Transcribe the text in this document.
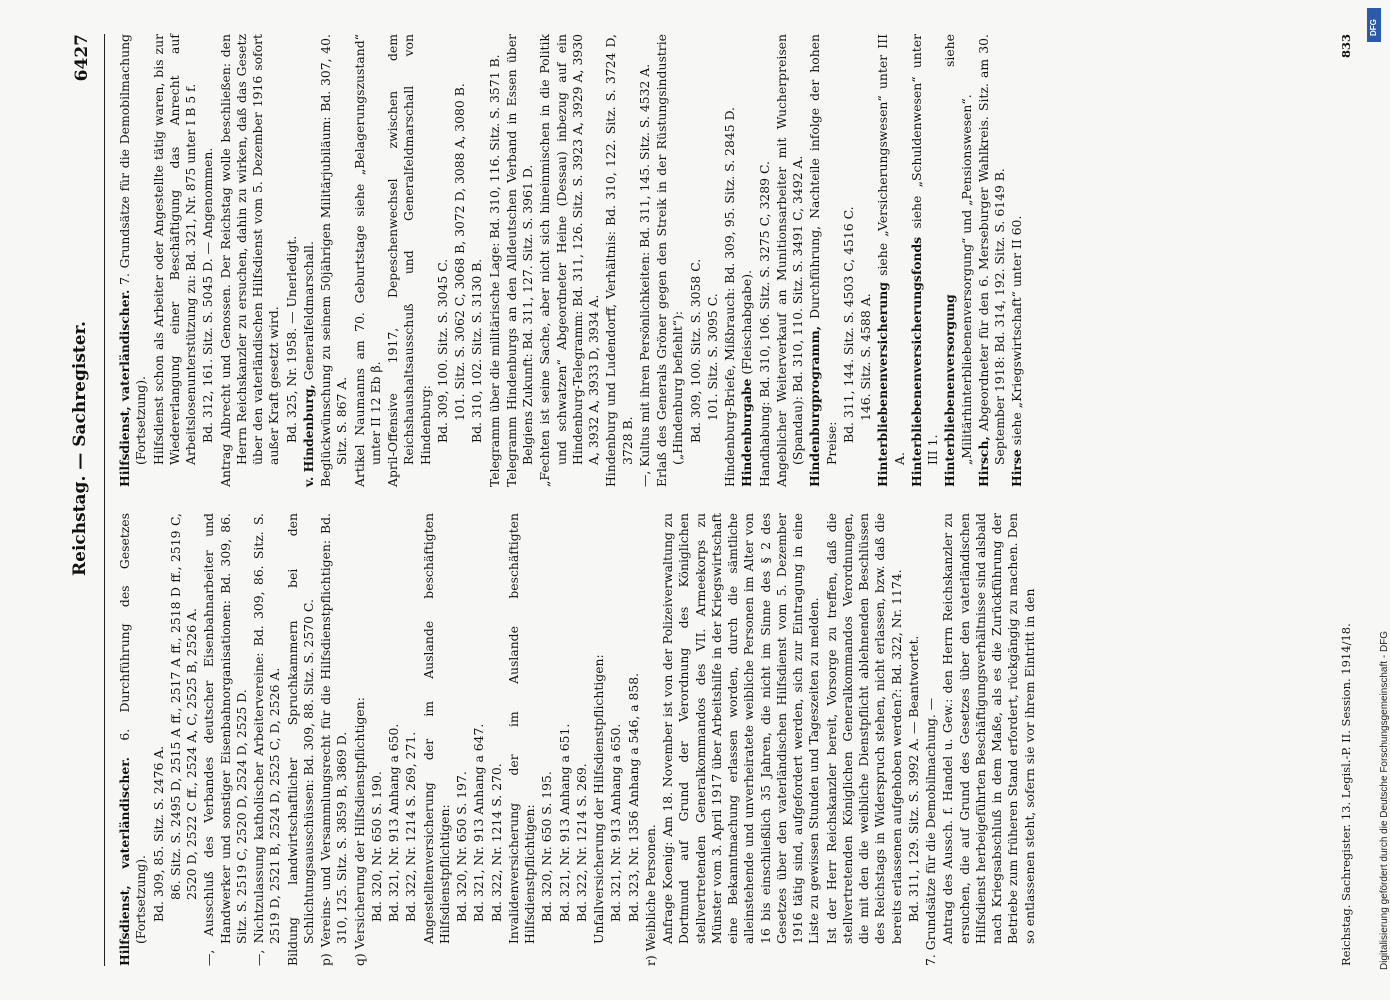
Digitalisierung gefördert durch die Deutsche Forschungsgemeinschaft - DFG
DFG
Reichstag. — Sachregister.
6427

Hilfsdienst, vaterländischer. 6. Durchführung des Gesetzes (Fortsetzung). Bd. 309, 85. Sitz. S. 2476 A. 86. Sitz. S. 2495 D, 2515 A ff., 2517 A ff., 2518 D ff., 2519 C, 2520 D, 2522 C ff., 2524 A, C, 2525 B, 2526 A. —, Ausschluß des Verbandes deutscher Eisenbahnarbeiter und Handwerker und sonstiger Eisenbahnorganisationen: Bd. 309, 86. Sitz. S. 2519 C, 2520 D, 2524 D, 2525 D. —, Nichtzulassung katholischer Arbeitervereine: Bd. 309, 86. Sitz. S. 2519 D, 2521 B, 2524 D, 2525 C, D, 2526 A. Bildung landwirtschaftlicher Spruchkammern bei den Schlichtungsausschüssen: Bd. 309, 88. Sitz. S. 2570 C. p) Vereins- und Versammlungsrecht für die Hilfsdienstpflichtigen: Bd. 310, 125. Sitz. S. 3859 B, 3869 D. q) Versicherung der Hilfsdienstpflichtigen: Bd. 320, Nr. 650 S. 190. Bd. 321, Nr. 913 Anhang a 650. Bd. 322, Nr. 1214 S. 269, 271. Angestelltenversicherung der im Auslande beschäftigten Hilfsdienstpflichtigen: Bd. 320, Nr. 650 S. 197. Bd. 321, Nr. 913 Anhang a 647. Bd. 322, Nr. 1214 S. 270. Invalidenversicherung der im Auslande beschäftigten Hilfsdienstpflichtigen: Bd. 320, Nr. 650 S. 195. Bd. 321, Nr. 913 Anhang a 651. Bd. 322, Nr. 1214 S. 269. Unfallversicherung der Hilfsdienstpflichtigen: Bd. 321, Nr. 913 Anhang a 650. Bd. 323, Nr. 1356 Anhang a 546, a 858. r) Weibliche Personen. Anfrage Koenig: Am 18. November ist von der Polizeiverwaltung zu Dortmund auf Grund der Verordnung des Königlichen stellvertretenden Generalkommandos des VII. Armeekorps zu Münster vom 3. April 1917 über Arbeitshilfe in der Kriegswirtschaft eine Bekanntmachung erlassen worden, durch die sämtliche alleinstehende und unverheiratete weibliche Personen im Alter von 16 bis einschließlich 35 Jahren, die nicht im Sinne des § 2 des Gesetzes über den vaterländischen Hilfsdienst vom 5. Dezember 1916 tätig sind, aufgefordert werden, sich zur Eintragung in eine Liste zu gewissen Stunden und Tageszeiten zu melden. Ist der Herr Reichskanzler bereit, Vorsorge zu treffen, daß die stellvertretenden Königlichen Generalkommandos Verordnungen, die mit den die weibliche Dienstpflicht ablehnenden Beschlüssen des Reichstags in Widerspruch stehen, nicht erlassen, bzw. daß die bereits erlassenen aufgehoben werden?: Bd. 322, Nr. 1174. Bd. 311, 129. Sitz. S. 3992 A. — Beantwortet. 7. Grundsätze für die Demobilmachung. — Antrag des Aussch. f. Handel u. Gew.: den Herrn Reichskanzler zu ersuchen, die auf Grund des Gesetzes über den vaterländischen Hilfsdienst herbeigeführten Beschäftigungsverhältnisse sind alsbald nach Kriegsabschluß in dem Maße, als es die Zurückführung der Betriebe zum früheren Stand erfordert, rückgängig zu machen. Den so entlassenen steht, sofern sie vor ihrem Eintritt in den

Hilfsdienst, vaterländischer. 7. Grundsätze für die Demobilmachung (Fortsetzung). Hilfsdienst schon als Arbeiter oder Angestellte tätig waren, bis zur Wiedererlangung einer Beschäftigung das Anrecht auf Arbeitslosenunterstützung zu: Bd. 321, Nr. 875 unter I B 5 f. Bd. 312, 161. Sitz. S. 5045 D. — Angenommen. Antrag Albrecht und Genossen. Der Reichstag wolle beschließen: den Herrn Reichskanzler zu ersuchen, dahin zu wirken, daß das Gesetz über den vaterländischen Hilfsdienst vom 5. Dezember 1916 sofort außer Kraft gesetzt wird. Bd. 325, Nr. 1958. — Unerledigt. v. Hindenburg, Generalfeldmarschall. Beglückwünschung zu seinem 50jährigen Militärjubiläum: Bd. 307, 40. Sitz. S. 867 A. Artikel Naumanns am 70. Geburtstage siehe „Belagerungszustand“ unter II 12 Eb β. April-Offensive 1917, Depeschenwechsel zwischen dem Reichshaushaltsausschuß und Generalfeldmarschall von Hindenburg: Bd. 309, 100. Sitz. S. 3045 C. 101. Sitz. S. 3062 C, 3068 B, 3072 D, 3088 A, 3080 B. Bd. 310, 102. Sitz. S. 3130 B. Telegramm über die militärische Lage: Bd. 310, 116. Sitz. S. 3571 B. Telegramm Hindenburgs an den Alldeutschen Verband in Essen über Belgiens Zukunft: Bd. 311, 127. Sitz. S. 3961 D. „Fechten ist seine Sache, aber nicht sich hineinmischen in die Politik und schwatzen“ Abgeordneter Heine (Dessau) inbezug auf ein Hindenburg-Telegramm: Bd. 311, 126. Sitz. S. 3923 A, 3929 A, 3930 A, 3932 A, 3933 D, 3934 A. Hindenburg und Ludendorff, Verhältnis: Bd. 310, 122. Sitz. S. 3724 D, 3728 B. —, Kultus mit ihren Persönlichkeiten: Bd. 311, 145. Sitz. S. 4532 A. Erlaß des Generals Gröner gegen den Streik in der Rüstungsindustrie („Hindenburg befiehlt“): Bd. 309, 100. Sitz. S. 3058 C. 101. Sitz. S. 3095 C. Hindenburg-Briefe, Mißbrauch: Bd. 309, 95. Sitz. S. 2845 D. Hindenburgabe (Fleischabgabe). Handhabung: Bd. 310, 106. Sitz. S. 3275 C, 3289 C. Angeblicher Weiterverkauf an Munitionsarbeiter mit Wucherpreisen (Spandau): Bd. 310, 110. Sitz. S. 3491 C, 3492 A. Hindenburgprogramm, Durchführung, Nachteile infolge der hohen Preise:

Bd. 311, 144. Sitz. S. 4503 C, 4516 C. 146. Sitz. S. 4588 A. Hinterbliebenenversicherung siehe „Versicherungswesen“ unter III A. Hinterbliebenenversicherungsfonds siehe „Schuldenwesen“ unter III 1. Hinterbliebenenversorgung siehe „Militärhinterbliebenenversorgung“ und „Pensionswesen“. Hirsch, Abgeordneter für den 6. Merseburger Wahlkreis. Sitz. am 30. September 1918: Bd. 314, 192. Sitz. S. 6149 B.

Hirse siehe „Kriegswirtschaft“ unter II 60.

Reichstag. Sachregister. 13. Legisl.-P. II. Session. 1914/18.
833
